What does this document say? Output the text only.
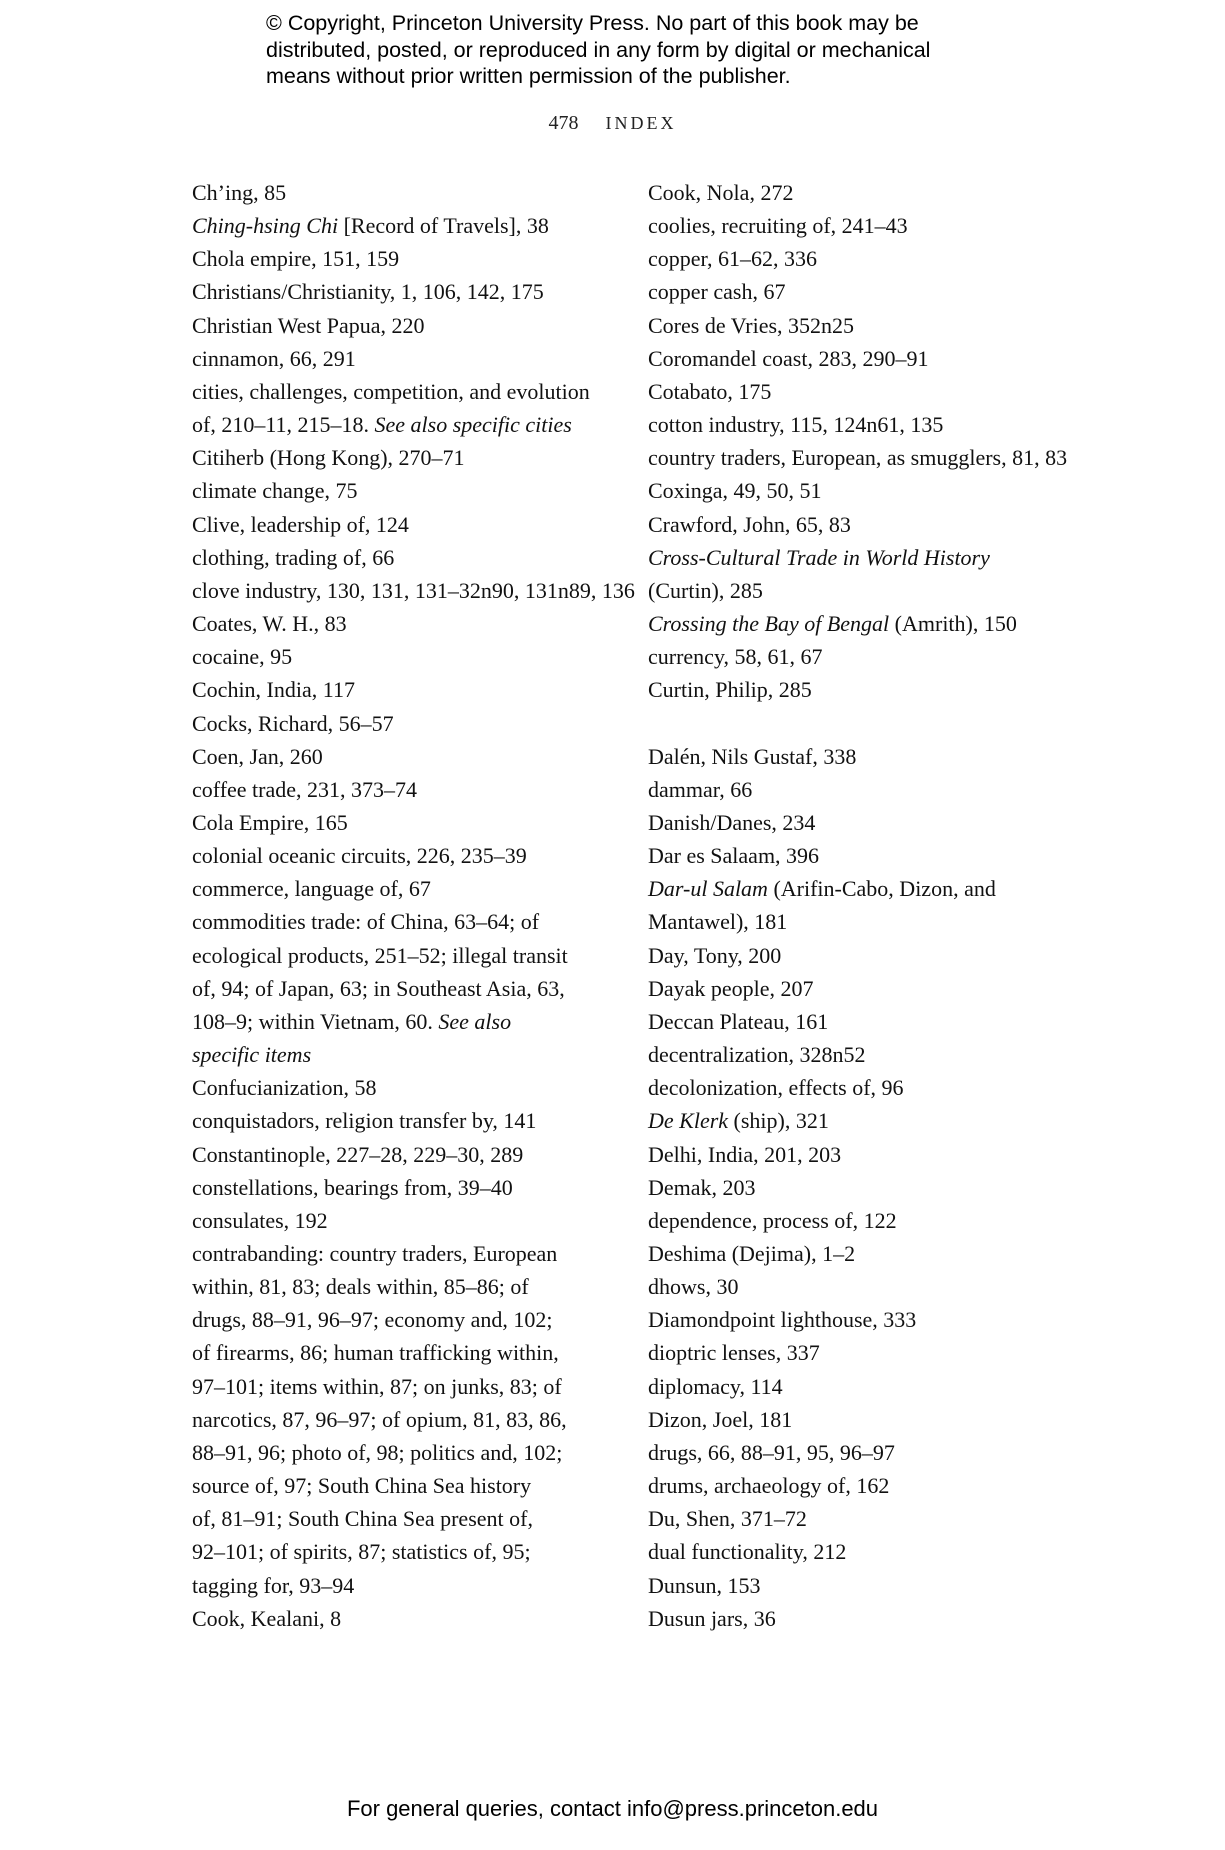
© Copyright, Princeton University Press. No part of this book may be
distributed, posted, or reproduced in any form by digital or mechanical
means without prior written permission of the publisher.
478 INDEX
Ch’ing, 85
Ching-hsing Chi [Record of Travels], 38
Chola empire, 151, 159
Christians/Christianity, 1, 106, 142, 175
Christian West Papua, 220
cinnamon, 66, 291
cities, challenges, competition, and evolution
of, 210–11, 215–18. See also specific cities
Citiherb (Hong Kong), 270–71
climate change, 75
Clive, leadership of, 124
clothing, trading of, 66
clove industry, 130, 131, 131–32n90, 131n89, 136
Coates, W. H., 83
cocaine, 95
Cochin, India, 117
Cocks, Richard, 56–57
Coen, Jan, 260
coffee trade, 231, 373–74
Cola Empire, 165
colonial oceanic circuits, 226, 235–39
commerce, language of, 67
commodities trade: of China, 63–64; of
ecological products, 251–52; illegal transit
of, 94; of Japan, 63; in Southeast Asia, 63,
108–9; within Vietnam, 60. See also
specific items
Confucianization, 58
conquistadors, religion transfer by, 141
Constantinople, 227–28, 229–30, 289
constellations, bearings from, 39–40
consulates, 192
contrabanding: country traders, European
within, 81, 83; deals within, 85–86; of
drugs, 88–91, 96–97; economy and, 102;
of firearms, 86; human trafficking within,
97–101; items within, 87; on junks, 83; of
narcotics, 87, 96–97; of opium, 81, 83, 86,
88–91, 96; photo of, 98; politics and, 102;
source of, 97; South China Sea history
of, 81–91; South China Sea present of,
92–101; of spirits, 87; statistics of, 95;
tagging for, 93–94
Cook, Kealani, 8
Cook, Nola, 272
coolies, recruiting of, 241–43
copper, 61–62, 336
copper cash, 67
Cores de Vries, 352n25
Coromandel coast, 283, 290–91
Cotabato, 175
cotton industry, 115, 124n61, 135
country traders, European, as smugglers, 81, 83
Coxinga, 49, 50, 51
Crawford, John, 65, 83
Cross-Cultural Trade in World History
(Curtin), 285
Crossing the Bay of Bengal (Amrith), 150
currency, 58, 61, 67
Curtin, Philip, 285
Dalén, Nils Gustaf, 338
dammar, 66
Danish/Danes, 234
Dar es Salaam, 396
Dar-ul Salam (Arifin-Cabo, Dizon, and
Mantawel), 181
Day, Tony, 200
Dayak people, 207
Deccan Plateau, 161
decentralization, 328n52
decolonization, effects of, 96
De Klerk (ship), 321
Delhi, India, 201, 203
Demak, 203
dependence, process of, 122
Deshima (Dejima), 1–2
dhows, 30
Diamondpoint lighthouse, 333
dioptric lenses, 337
diplomacy, 114
Dizon, Joel, 181
drugs, 66, 88–91, 95, 96–97
drums, archaeology of, 162
Du, Shen, 371–72
dual functionality, 212
Dunsun, 153
Dusun jars, 36
For general queries, contact info@press.princeton.edu
